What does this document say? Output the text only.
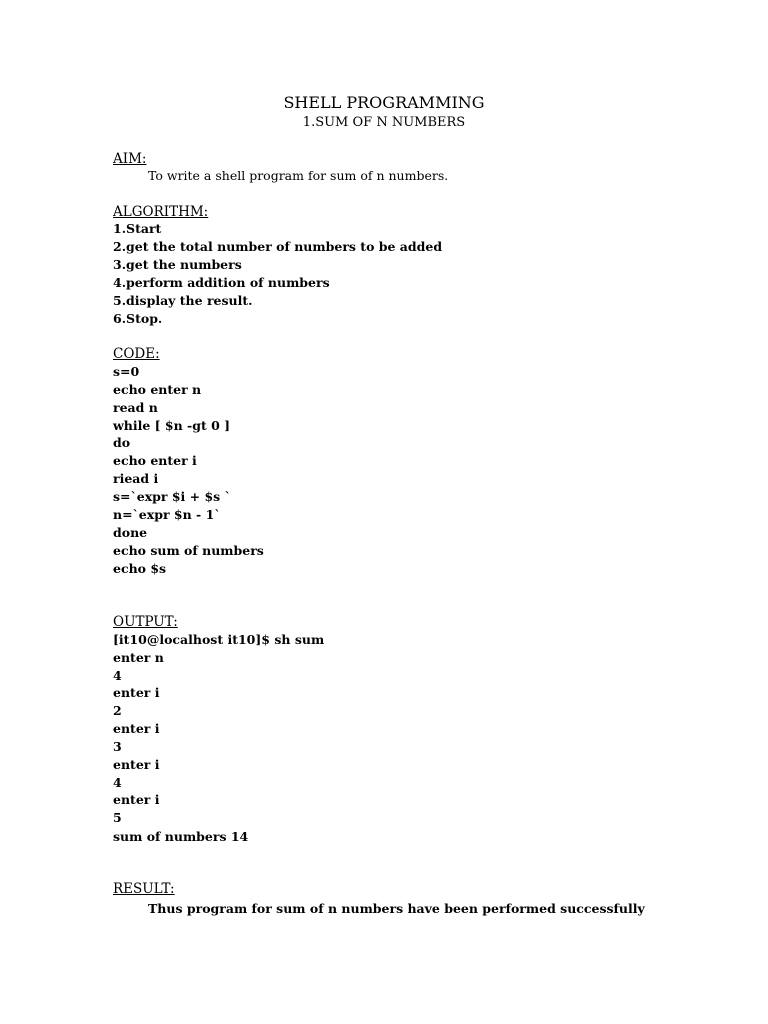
SHELL PROGRAMMING
1.SUM OF N NUMBERS
AIM:
To write a shell program for sum of n numbers.
ALGORITHM:
1.Start
2.get the total number of numbers to be added
3.get the numbers
4.perform addition of numbers
5.display the result.
6.Stop.
CODE:
s=0
echo enter n
read n
while [ $n -gt 0 ]
do
echo enter i
riead i
s=`expr $i + $s `
n=`expr $n - 1`
done
echo sum of numbers
echo $s
OUTPUT:
[it10@localhost it10]$ sh sum
enter n
4
enter i
2
enter i
3
enter i
4
enter i
5
sum of numbers 14
RESULT:
Thus program for sum of n numbers have been performed successfully
